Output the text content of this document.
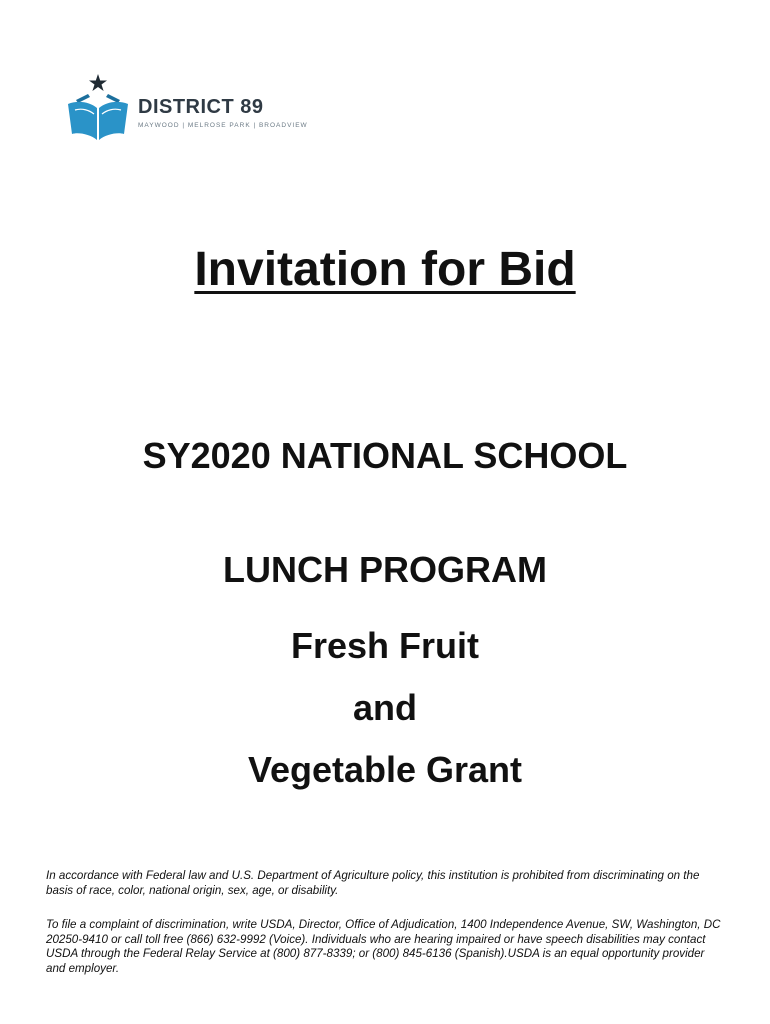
DISTRICT 89
MAYWOOD | MELROSE PARK | BROADVIEW
Invitation for Bid
SY2020 NATIONAL SCHOOL
LUNCH PROGRAM
Fresh Fruit
and
Vegetable Grant

In accordance with Federal law and U.S. Department of Agriculture policy, this institution is prohibited from discriminating on the basis of race, color, national origin, sex, age, or disability.

To file a complaint of discrimination, write USDA, Director, Office of Adjudication, 1400 Independence Avenue, SW, Washington, DC 20250-9410 or call toll free (866) 632-9992 (Voice). Individuals who are hearing impaired or have speech disabilities may contact USDA through the Federal Relay Service at (800) 877-8339; or (800) 845-6136 (Spanish).USDA is an equal opportunity provider and employer.
